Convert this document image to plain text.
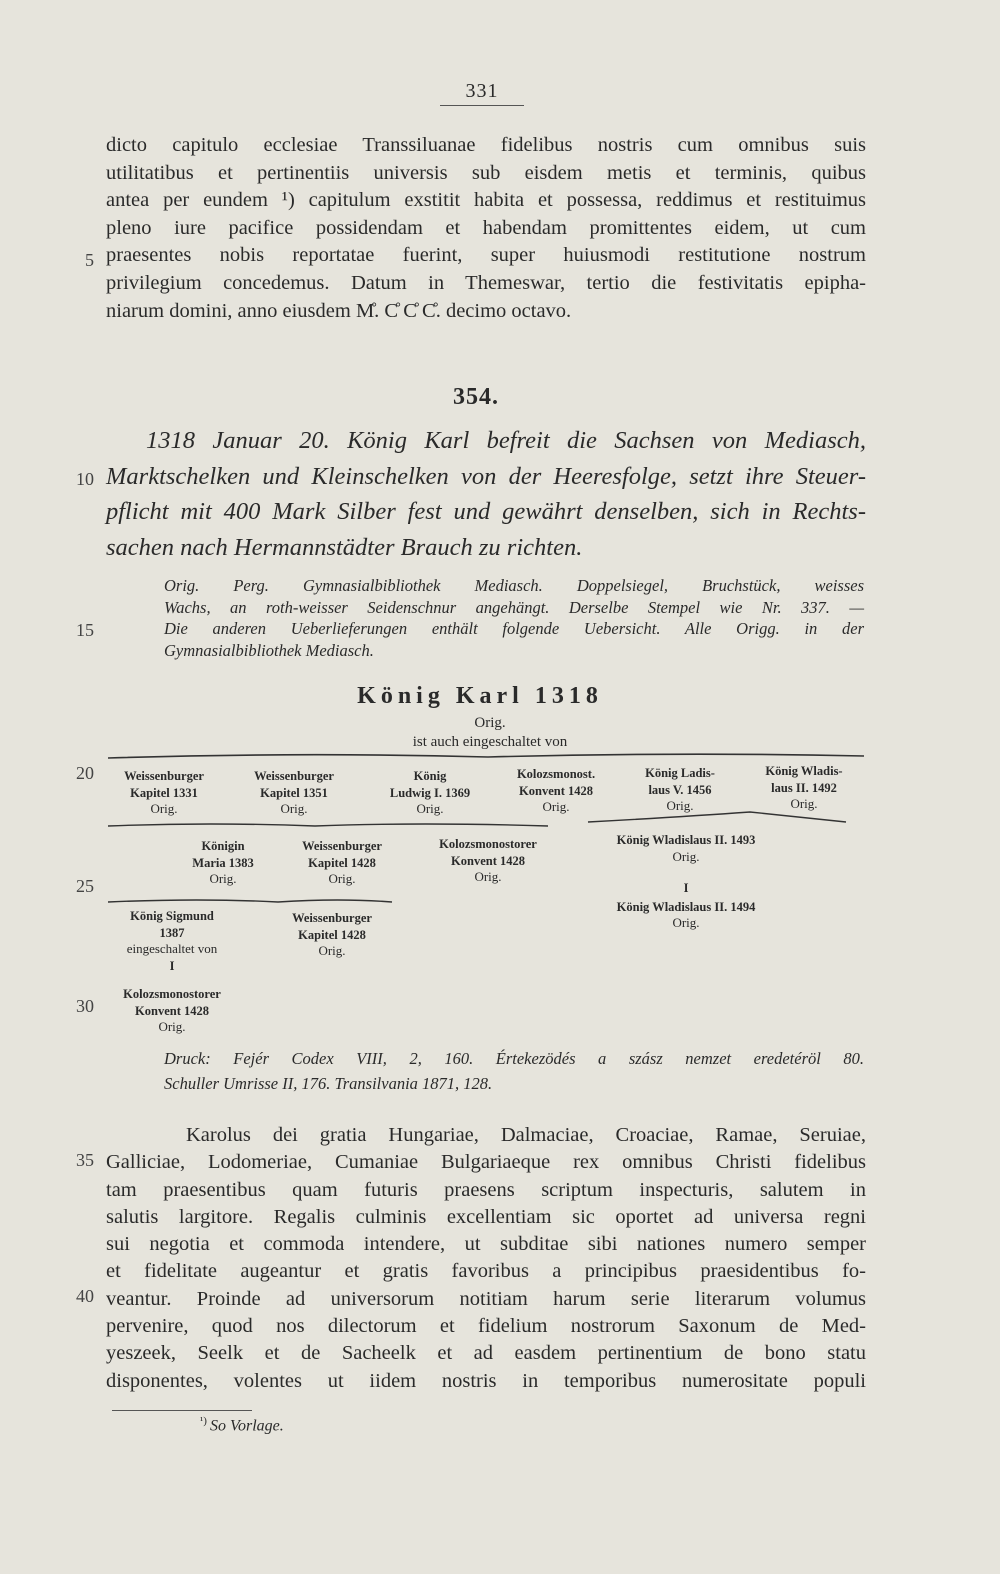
331
dicto capitulo ecclesiae Transsiluanae fidelibus nostris cum omnibus suis
utilitatibus et pertinentiis universis sub eisdem metis et terminis, quibus
antea per eundem ¹) capitulum exstitit habita et possessa, reddimus et restituimus
pleno iure pacifice possidendam et habendam promittentes eidem, ut cum
praesentes nobis reportatae fuerint, super huiusmodi restitutione nostrum
privilegium concedemus. Datum in Themeswar, tertio die festivitatis epipha-
niarum domini, anno eiusdem M̊. C̊ C̊ C̊. decimo octavo.
5
10
15
20
25
30
35
40
354.
1318 Januar 20. König Karl befreit die Sachsen von Mediasch,
Marktschelken und Kleinschelken von der Heeresfolge, setzt ihre Steuer-
pflicht mit 400 Mark Silber fest und gewährt denselben, sich in Rechts-
sachen nach Hermannstädter Brauch zu richten.
Orig. Perg. Gymnasialbibliothek Mediasch. Doppelsiegel, Bruchstück, weisses
Wachs, an roth-weisser Seidenschnur angehängt. Derselbe Stempel wie Nr. 337. —
Die anderen Ueberlieferungen enthält folgende Uebersicht. Alle Origg. in der
Gymnasialbibliothek Mediasch.
König Karl 1318
Orig.
ist auch eingeschaltet von
Weissenburger
Kapitel 1331
Orig.
Weissenburger
Kapitel 1351
Orig.
König
Ludwig I. 1369
Orig.
Kolozsmonost.
Konvent 1428
Orig.
König Ladis-
laus V. 1456
Orig.
König Wladis-
laus II. 1492
Orig.
Königin
Maria 1383
Orig.
Weissenburger
Kapitel 1428
Orig.
Kolozsmonostorer
Konvent 1428
Orig.
König Wladislaus II. 1493
Orig.
König Sigmund
1387
eingeschaltet von
I
Weissenburger
Kapitel 1428
Orig.
I
König Wladislaus II. 1494
Orig.
Kolozsmonostorer
Konvent 1428
Orig.
Druck: Fejér Codex VIII, 2, 160. Értekezödés a szász nemzet eredetéröl 80.
Schuller Umrisse II, 176. Transilvania 1871, 128.
Karolus dei gratia Hungariae, Dalmaciae, Croaciae, Ramae, Seruiae,
Galliciae, Lodomeriae, Cumaniae Bulgariaeque rex omnibus Christi fidelibus
tam praesentibus quam futuris praesens scriptum inspecturis, salutem in
salutis largitore. Regalis culminis excellentiam sic oportet ad universa regni
sui negotia et commoda intendere, ut subditae sibi nationes numero semper
et fidelitate augeantur et gratis favoribus a principibus praesidentibus fo-
veantur. Proinde ad universorum notitiam harum serie literarum volumus
pervenire, quod nos dilectorum et fidelium nostrorum Saxonum de Med-
yeszeek, Seelk et de Sacheelk et ad easdem pertinentium de bono statu
disponentes, volentes ut iidem nostris in temporibus numerositate populi
$^{^1)}$ So Vorlage.
